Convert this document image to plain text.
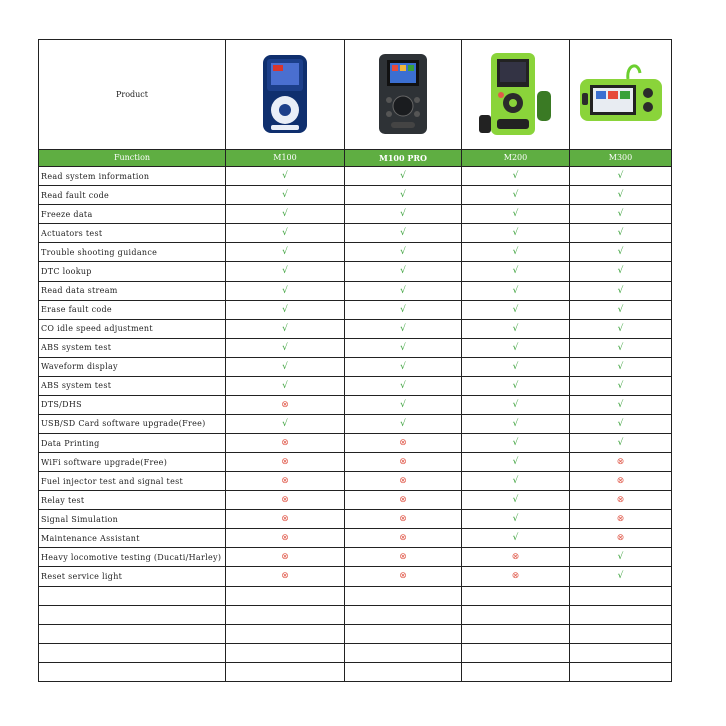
Product	

Function	M100	M100 PRO	M200	M300
Read system information	√	√	√	√
Read fault code	√	√	√	√
Freeze data	√	√	√	√
Actuators test	√	√	√	√
Trouble shooting guidance	√	√	√	√
DTC lookup	√	√	√	√
Read data stream	√	√	√	√
Erase fault code	√	√	√	√
CO idle speed adjustment	√	√	√	√
ABS system test	√	√	√	√
Waveform display	√	√	√	√
ABS system test	√	√	√	√
DTS/DHS	⊗	√	√	√
USB/SD Card software upgrade(Free)	√	√	√	√
Data Printing	⊗	⊗	√	√
WiFi software upgrade(Free)	⊗	⊗	√	⊗
Fuel injector test and signal test	⊗	⊗	√	⊗
Relay test	⊗	⊗	√	⊗
Signal Simulation	⊗	⊗	√	⊗
Maintenance Assistant	⊗	⊗	√	⊗
Heavy locomotive testing (Ducati/Harley)	⊗	⊗	⊗	√
Reset service light	⊗	⊗	⊗	√
